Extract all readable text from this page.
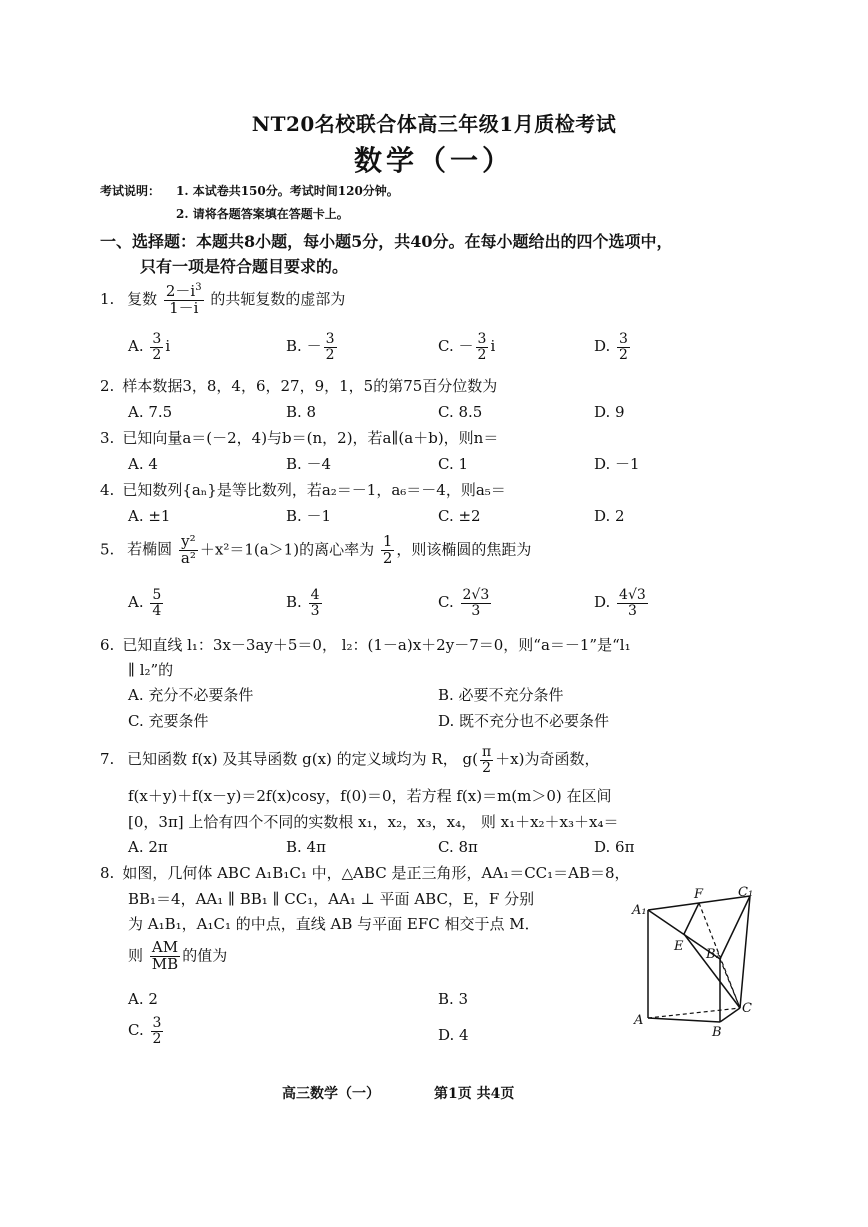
NT20名校联合体高三年级1月质检考试
数学（一）
考试说明： 1. 本试卷共150分。考试时间120分钟。
2. 请将各题答案填在答题卡上。
一、选择题：本题共8小题，每小题5分，共40分。在每小题给出的四个选项中，
只有一项是符合题目要求的。
1. 复数 $\frac{2-i^3}{1-i}$ 的共轭复数的虚部为
A. $\frac{3}{2}$ i	B. － $\frac{3}{2}$	C. － $\frac{3}{2}$ i	D. $\frac{3}{2}$
2. 样本数据3，8，4，6，27，9，1，5的第75百分位数为
A. 7.5	B. 8	C. 8.5	D. 9
3. 已知向量a＝(－2，4)与b＝(n，2)，若a∥(a＋b)，则n＝
A. 4	B. －4	C. 1	D. －1
4. 已知数列{aₙ}是等比数列，若a₂＝－1，a₆＝－4，则a₅＝
A. ±1	B. －1	C. ±2	D. 2
5. 若椭圆 $\frac{\text{y²}}{\text{a²}} +x^2=1(a>1)$的离心率为 $\frac{1}{2}$ ，则该椭圆的焦距为
A. $\frac{5}{4}$	B. $\frac{4}{3}$	C. $\frac{2√3}{3}$	D. $\frac{4√3}{3}$
6. 已知直线 l₁：3x－3ay＋5＝0， l₂：(1－a)x＋2y－7＝0，则“a＝－1”是“l₁
∥ l₂”的
A. 充分不必要条件	B. 必要不充分条件
C. 充要条件	D. 既不充分也不必要条件
7. 已知函数 f(x) 及其导函数 g(x) 的定义域均为 R， $g( \frac{\pi}{2} +x)$为奇函数，
f(x＋y)＋f(x－y)＝2f(x)cosy，f(0)＝0，若方程 f(x)＝m(m＞0) 在区间
[0，3π] 上恰有四个不同的实数根 x₁，x₂，x₃，x₄， 则 x₁＋x₂＋x₃＋x₄＝
A. 2π	B. 4π	C. 8π	D. 6π
8. 如图，几何体 ABC A₁B₁C₁ 中，△ABC 是正三角形，AA₁＝CC₁＝AB＝8，
BB₁＝4，AA₁ ∥ BB₁ ∥ CC₁，AA₁ ⊥ 平面 ABC，E，F 分别
为 A₁B₁，A₁C₁ 的中点，直线 AB 与平面 EFC 相交于点 M．
则 $\frac{AM}{MB}$ 的值为
A. 2	B. 3
C. $\frac{3}{2}$	D. 4
A₁
F	C₁
E
B₁
A
B
C
高三数学（一）	第1页 共4页
